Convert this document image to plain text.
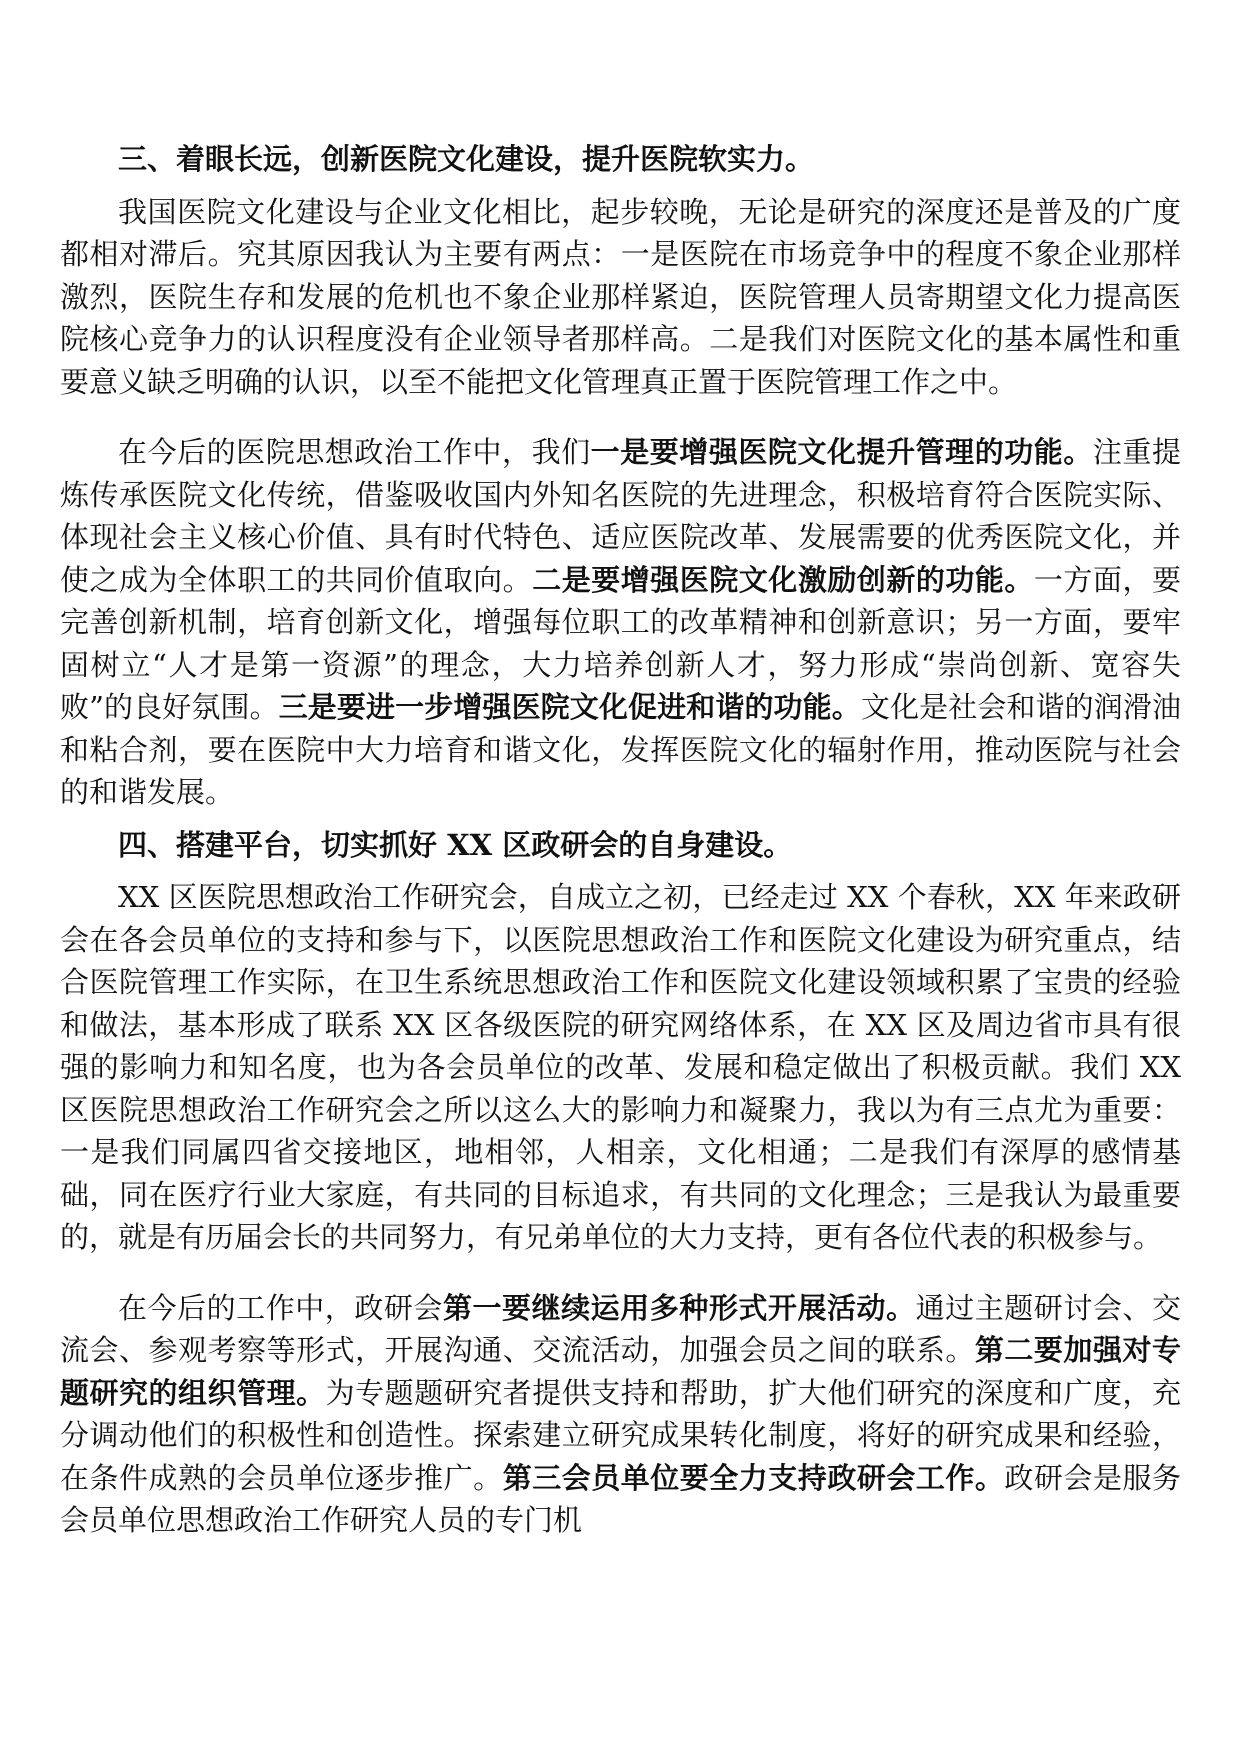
三、着眼长远，创新医院文化建设，提升医院软实力。

我国医院文化建设与企业文化相比，起步较晚，无论是研究的深度还是普及的广度都相对滞后。究其原因我认为主要有两点：一是医院在市场竞争中的程度不象企业那样激烈，医院生存和发展的危机也不象企业那样紧迫，医院管理人员寄期望文化力提高医院核心竞争力的认识程度没有企业领导者那样高。二是我们对医院文化的基本属性和重要意义缺乏明确的认识，以至不能把文化管理真正置于医院管理工作之中。

在今后的医院思想政治工作中，我们一是要增强医院文化提升管理的功能。注重提炼传承医院文化传统，借鉴吸收国内外知名医院的先进理念，积极培育符合医院实际、体现社会主义核心价值、具有时代特色、适应医院改革、发展需要的优秀医院文化，并使之成为全体职工的共同价值取向。二是要增强医院文化激励创新的功能。一方面，要完善创新机制，培育创新文化，增强每位职工的改革精神和创新意识；另一方面，要牢固树立“人才是第一资源”的理念，大力培养创新人才，努力形成“崇尚创新、宽容失败”的良好氛围。三是要进一步增强医院文化促进和谐的功能。文化是社会和谐的润滑油和粘合剂，要在医院中大力培育和谐文化，发挥医院文化的辐射作用，推动医院与社会的和谐发展。

四、搭建平台，切实抓好 XX 区政研会的自身建设。

XX 区医院思想政治工作研究会，自成立之初，已经走过 XX 个春秋，XX 年来政研会在各会员单位的支持和参与下，以医院思想政治工作和医院文化建设为研究重点，结合医院管理工作实际，在卫生系统思想政治工作和医院文化建设领域积累了宝贵的经验和做法，基本形成了联系 XX 区各级医院的研究网络体系，在 XX 区及周边省市具有很强的影响力和知名度，也为各会员单位的改革、发展和稳定做出了积极贡献。我们 XX 区医院思想政治工作研究会之所以这么大的影响力和凝聚力，我以为有三点尤为重要：一是我们同属四省交接地区，地相邻，人相亲，文化相通；二是我们有深厚的感情基础，同在医疗行业大家庭，有共同的目标追求，有共同的文化理念；三是我认为最重要的，就是有历届会长的共同努力，有兄弟单位的大力支持，更有各位代表的积极参与。

在今后的工作中，政研会第一要继续运用多种形式开展活动。通过主题研讨会、交流会、参观考察等形式，开展沟通、交流活动，加强会员之间的联系。第二要加强对专题研究的组织管理。为专题题研究者提供支持和帮助，扩大他们研究的深度和广度，充分调动他们的积极性和创造性。探索建立研究成果转化制度，将好的研究成果和经验，在条件成熟的会员单位逐步推广。第三会员单位要全力支持政研会工作。政研会是服务会员单位思想政治工作研究人员的专门机
